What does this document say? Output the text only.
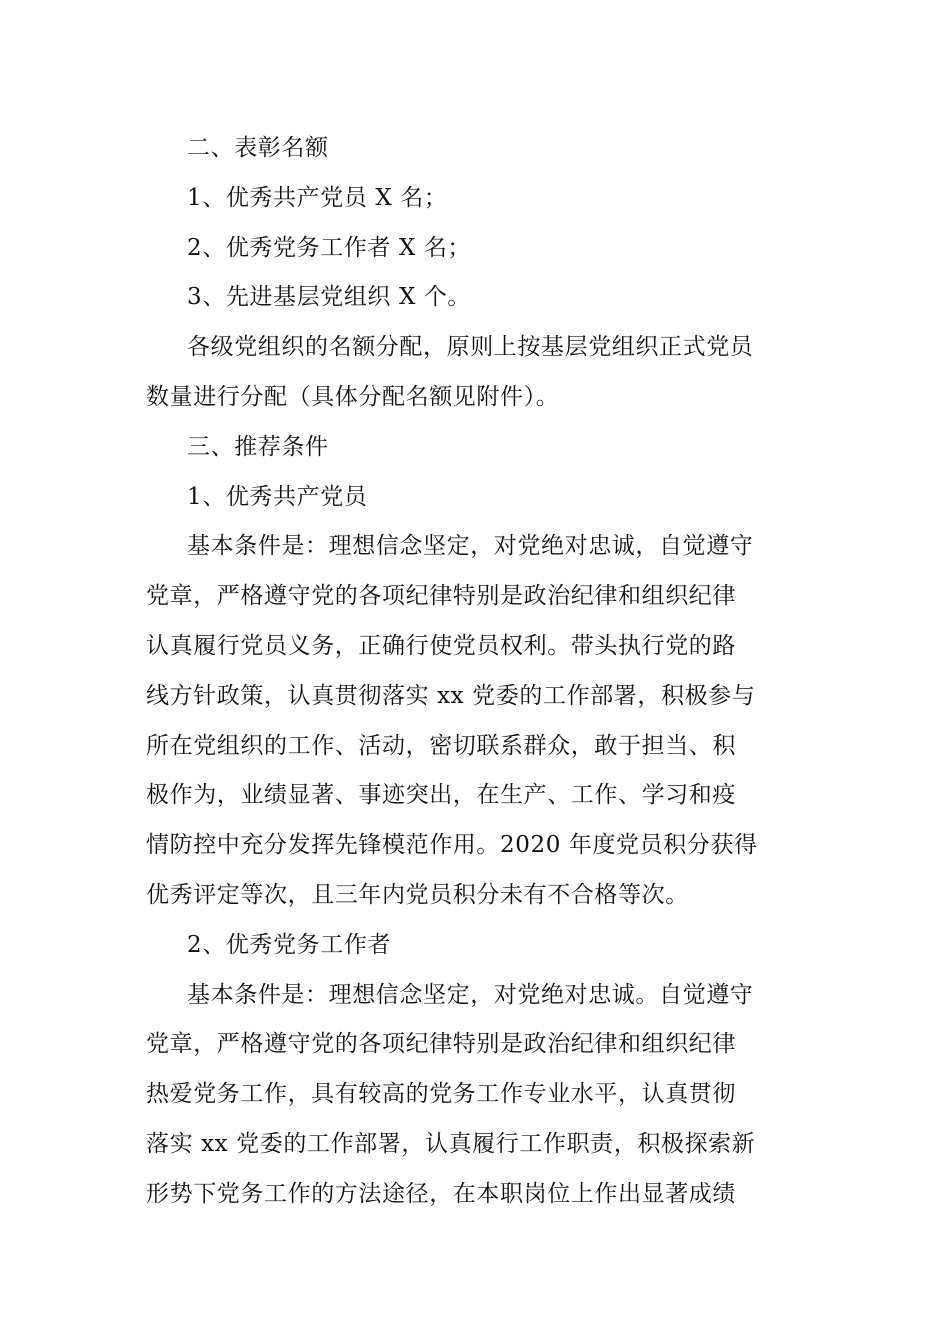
二、表彰名额
1、优秀共产党员 X 名；
2、优秀党务工作者 X 名；
3、先进基层党组织 X 个。
各级党组织的名额分配，原则上按基层党组织正式党员
数量进行分配（具体分配名额见附件）。
三、推荐条件
1、优秀共产党员
基本条件是：理想信念坚定，对党绝对忠诚，自觉遵守
党章，严格遵守党的各项纪律特别是政治纪律和组织纪律
认真履行党员义务，正确行使党员权利。带头执行党的路
线方针政策，认真贯彻落实 xx 党委的工作部署，积极参与
所在党组织的工作、活动，密切联系群众，敢于担当、积
极作为，业绩显著、事迹突出，在生产、工作、学习和疫
情防控中充分发挥先锋模范作用。2020 年度党员积分获得
优秀评定等次，且三年内党员积分未有不合格等次。
2、优秀党务工作者
基本条件是：理想信念坚定，对党绝对忠诚。自觉遵守
党章，严格遵守党的各项纪律特别是政治纪律和组织纪律
热爱党务工作，具有较高的党务工作专业水平，认真贯彻
落实 xx 党委的工作部署，认真履行工作职责，积极探索新
形势下党务工作的方法途径，在本职岗位上作出显著成绩
